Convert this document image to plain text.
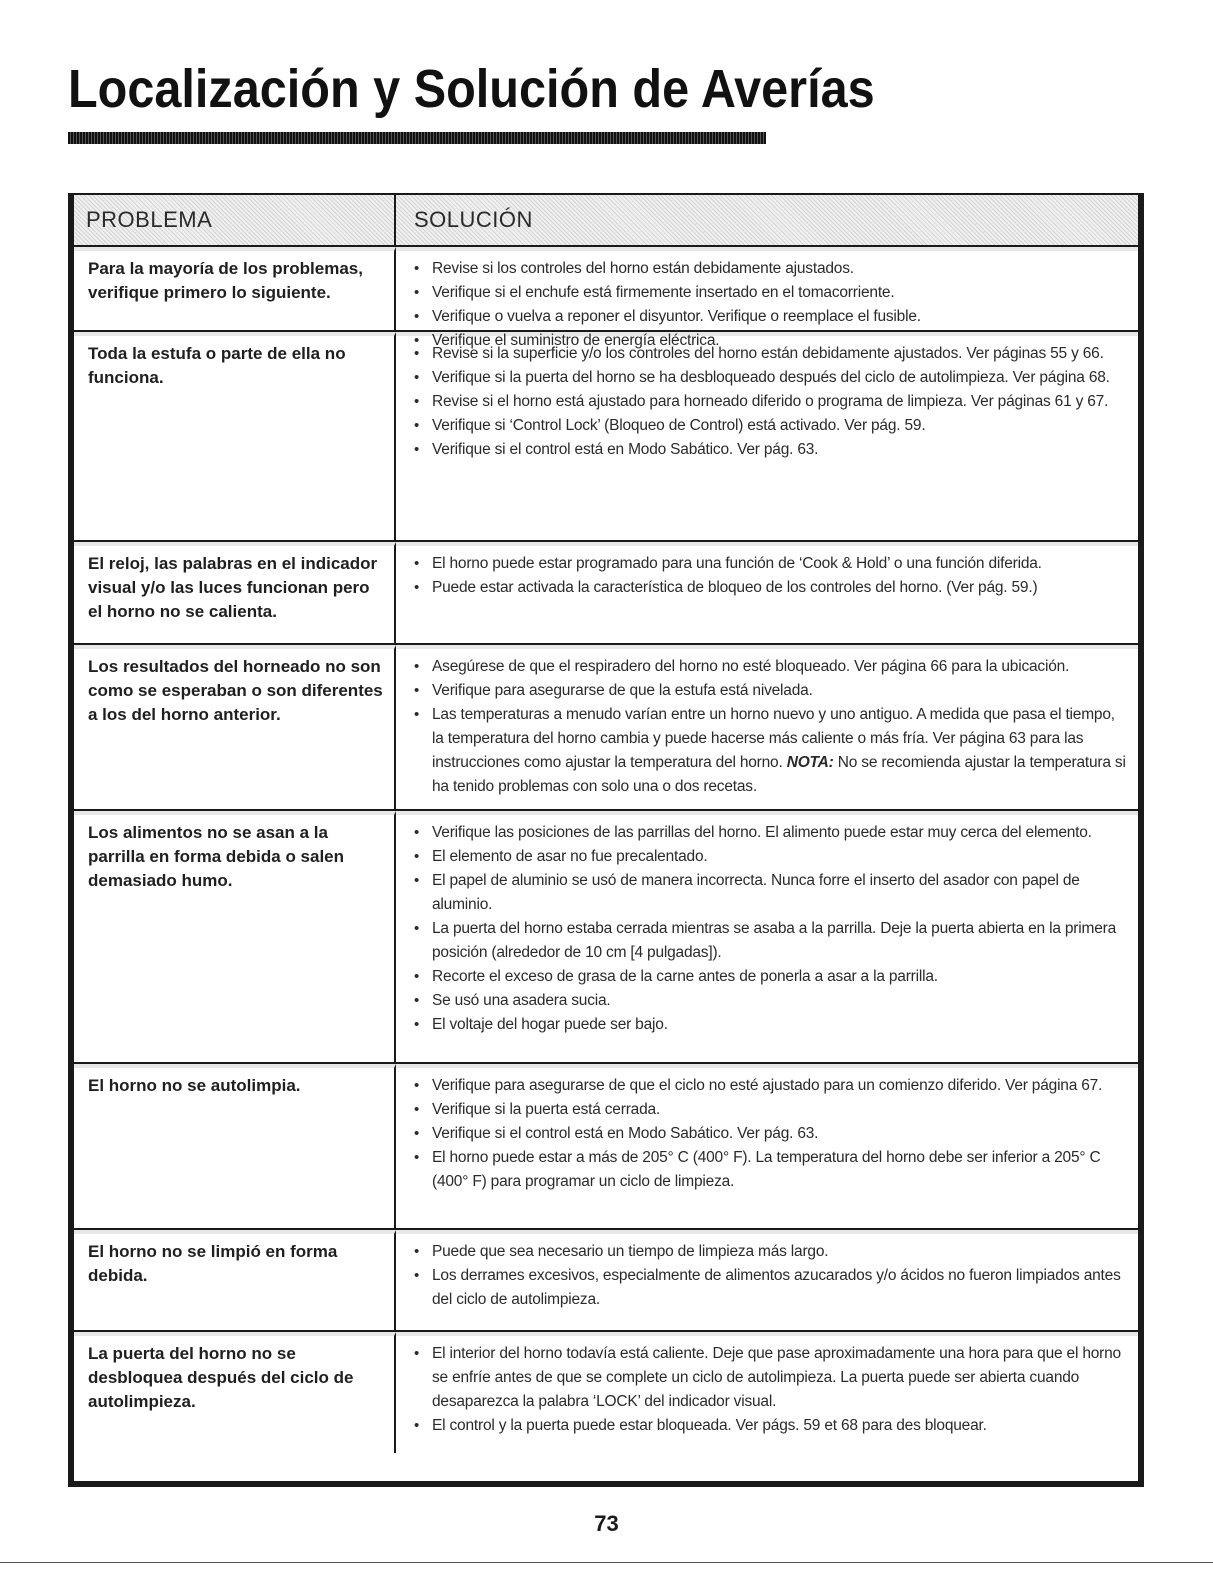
Localización y Solución de Averías
PROBLEMA	SOLUCIÓN
Para la mayoría de los problemas, verifique primero lo siguiente.
• Revise si los controles del horno están debidamente ajustados.
• Verifique si el enchufe está firmemente insertado en el tomacorriente.
• Verifique o vuelva a reponer el disyuntor. Verifique o reemplace el fusible.
• Verifique el suministro de energía eléctrica.
Toda la estufa o parte de ella no funciona.
• Revise si la superficie y/o los controles del horno están debidamente ajustados. Ver páginas 55 y 66.
• Verifique si la puerta del horno se ha desbloqueado después del ciclo de autolimpieza. Ver página 68.
• Revise si el horno está ajustado para horneado diferido o programa de limpieza. Ver páginas 61 y 67.
• Verifique si ‘Control Lock’ (Bloqueo de Control) está activado. Ver pág. 59.
• Verifique si el control está en Modo Sabático. Ver pág. 63.
El reloj, las palabras en el indicador visual y/o las luces funcionan pero el horno no se calienta.
• El horno puede estar programado para una función de ‘Cook & Hold’ o una función diferida.
• Puede estar activada la característica de bloqueo de los controles del horno. (Ver pág. 59.)
Los resultados del horneado no son como se esperaban o son diferentes a los del horno anterior.
• Asegúrese de que el respiradero del horno no esté bloqueado. Ver página 66 para la ubicación.
• Verifique para asegurarse de que la estufa está nivelada.
• Las temperaturas a menudo varían entre un horno nuevo y uno antiguo. A medida que pasa el tiempo, la temperatura del horno cambia y puede hacerse más caliente o más fría. Ver página 63 para las instrucciones como ajustar la temperatura del horno. NOTA: No se recomienda ajustar la temperatura si ha tenido problemas con solo una o dos recetas.
Los alimentos no se asan a la parrilla en forma debida o salen demasiado humo.
• Verifique las posiciones de las parrillas del horno. El alimento puede estar muy cerca del elemento.
• El elemento de asar no fue precalentado.
• El papel de aluminio se usó de manera incorrecta. Nunca forre el inserto del asador con papel de aluminio.
• La puerta del horno estaba cerrada mientras se asaba a la parrilla. Deje la puerta abierta en la primera posición (alrededor de 10 cm [4 pulgadas]).
• Recorte el exceso de grasa de la carne antes de ponerla a asar a la parrilla.
• Se usó una asadera sucia.
• El voltaje del hogar puede ser bajo.
El horno no se autolimpia.	• Verifique para asegurarse de que el ciclo no esté ajustado para un comienzo diferido. Ver página 67.
• Verifique si la puerta está cerrada.
• Verifique si el control está en Modo Sabático. Ver pág. 63.
• El horno puede estar a más de 205° C (400° F). La temperatura del horno debe ser inferior a 205° C (400° F) para programar un ciclo de limpieza.
El horno no se limpió en forma debida.
• Puede que sea necesario un tiempo de limpieza más largo.
• Los derrames excesivos, especialmente de alimentos azucarados y/o ácidos no fueron limpiados antes del ciclo de autolimpieza.
La puerta del horno no se desbloquea después del ciclo de autolimpieza.
• El interior del horno todavía está caliente. Deje que pase aproximadamente una hora para que el horno se enfríe antes de que se complete un ciclo de autolimpieza. La puerta puede ser abierta cuando desaparezca la palabra ‘LOCK’ del indicador visual.
• El control y la puerta puede estar bloqueada. Ver págs. 59 et 68 para des bloquear.
73
